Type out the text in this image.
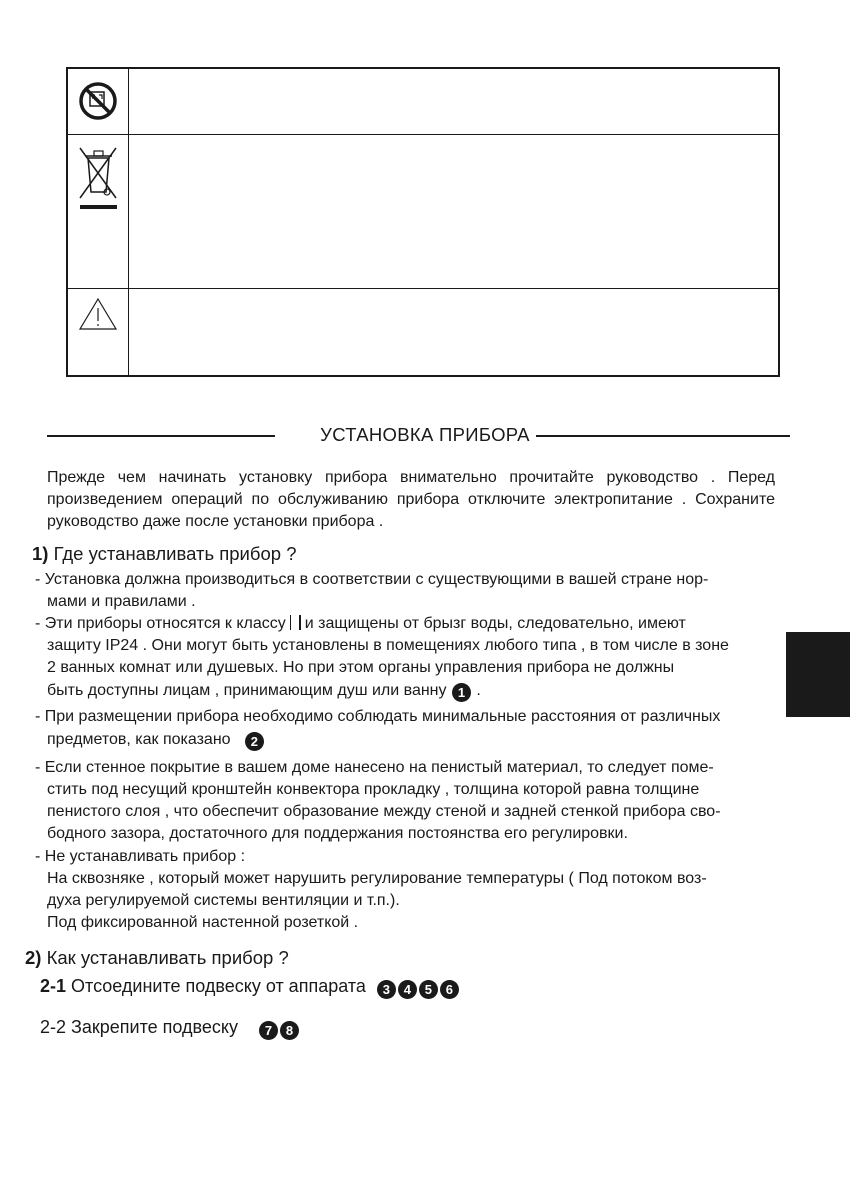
УСТАНОВКА ПРИБОРА
Прежде чем начинать установку прибора внимательно прочитайте руководство . Перед произведением операций по обслуживанию прибора отключите электропитание . Сохраните руководство даже после установки прибора .
1) Где устанавливать прибор ?
- Установка должна производиться в соответствии с существующими в вашей стране нор-
мами и правилами .
- Эти приборы относятся к классу и защищены от брызг воды, следовательно, имеют
защиту IP24 . Они могут быть установлены в помещениях любого типа , в том числе в зоне
2 ванных комнат или душевых. Но при этом органы управления прибора не должны
быть доступны лицам , принимающим душ или ванну 1 .
- При размещении прибора необходимо соблюдать минимальные расстояния от различных
предметов, как показано 2
- Если стенное покрытие в вашем доме нанесено на пенистый материал, то следует поме-
стить под несущий кронштейн конвектора прокладку , толщина которой равна толщине
пенистого слоя , что обеспечит образование между стеной и задней стенкой прибора сво-
бодного зазора, достаточного для поддержания постоянства его регулировки.
- Не устанавливать прибор :
На сквозняке , который может нарушить регулирование температуры ( Под потоком воз-
духа регулируемой системы вентиляции и т.п.).
Под фиксированной настенной розеткой .
2) Как устанавливать прибор ?
2-1 Отсоедините подвеску от аппарата 3 4 5 6
2-2 Закрепите подвеску 7 8
